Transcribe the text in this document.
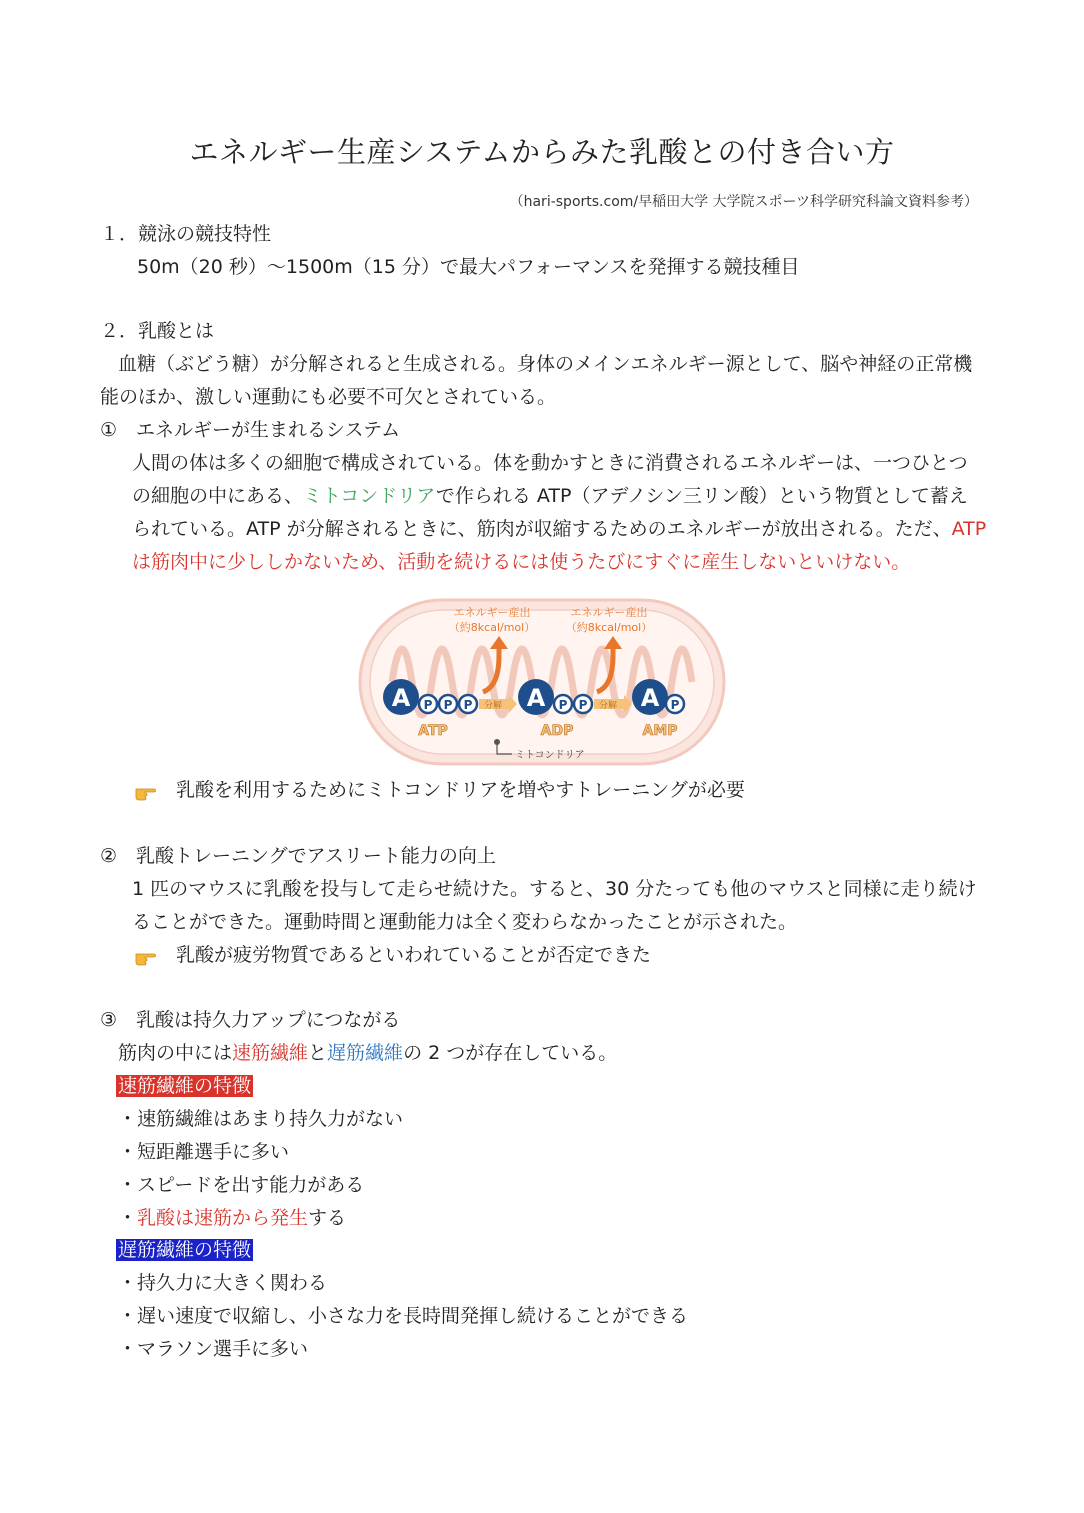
エネルギー生産システムからみた乳酸との付き合い方
（hari-sports.com/早稲田大学 大学院スポーツ科学研究科論文資料参考）
１．競泳の競技特性
50m（20 秒）～1500m（15 分）で最大パフォーマンスを発揮する競技種目
２．乳酸とは
血糖（ぶどう糖）が分解されると生成される。身体のメインエネルギー源として、脳や神経の正常機
能のほか、激しい運動にも必要不可欠とされている。
①　エネルギーが生まれるシステム
人間の体は多くの細胞で構成されている。体を動かすときに消費されるエネルギーは、一つひとつ
の細胞の中にある、ミトコンドリアで作られる ATP（アデノシン三リン酸）という物質として蓄え
られている。ATP が分解されるときに、筋肉が収縮するためのエネルギーが放出される。ただ、ATP
は筋肉中に少ししかないため、活動を続けるには使うたびにすぐに産生しないといけない。
エネルギー産出
（約8kcal/mol）
エネルギー産出
（約8kcal/mol）
分解	分解
A P P P
ATP
A P P
ADP
A P
AMP
ミトコンドリア
乳酸を利用するためにミトコンドリアを増やすトレーニングが必要
②　乳酸トレーニングでアスリート能力の向上
1 匹のマウスに乳酸を投与して走らせ続けた。すると、30 分たっても他のマウスと同様に走り続け
ることができた。運動時間と運動能力は全く変わらなかったことが示された。
乳酸が疲労物質であるといわれていることが否定できた
③　乳酸は持久力アップにつながる
筋肉の中には速筋繊維と遅筋繊維の 2 つが存在している。
速筋繊維の特徴
・速筋繊維はあまり持久力がない
・短距離選手に多い
・スピードを出す能力がある
・乳酸は速筋から発生する
遅筋繊維の特徴
・持久力に大きく関わる
・遅い速度で収縮し、小さな力を長時間発揮し続けることができる
・マラソン選手に多い
